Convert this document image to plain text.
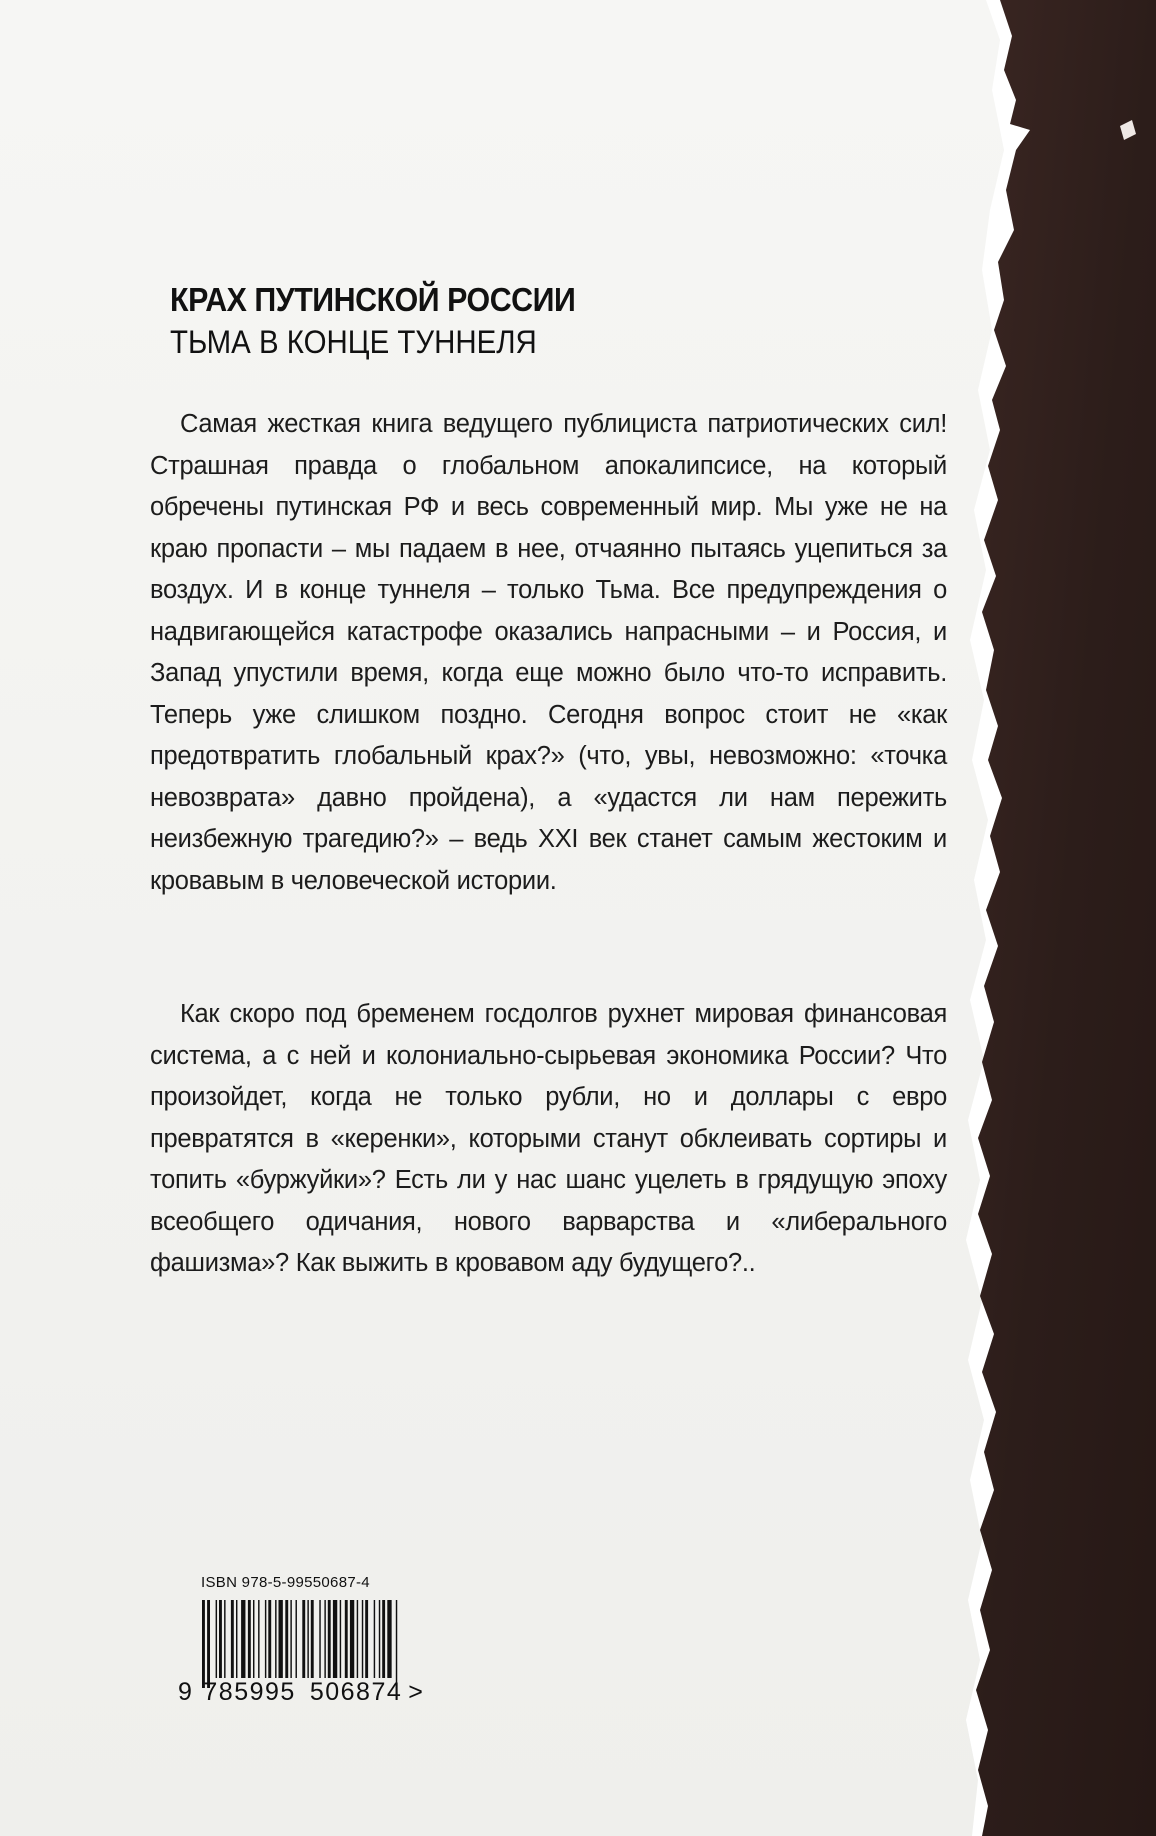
КРАХ ПУТИНСКОЙ РОССИИ
ТЬМА В КОНЦЕ ТУННЕЛЯ
Самая жесткая книга ведущего публициста патриотических сил! Страшная правда о глобальном апокалипсисе, на который обречены путинская РФ и весь современный мир. Мы уже не на краю пропасти – мы падаем в нее, отчаянно пытаясь уцепиться за воздух. И в конце туннеля – только Тьма. Все предупреждения о надвигающейся катастрофе оказались напрасными – и Россия, и Запад упустили время, когда еще можно было что-то исправить. Теперь уже слишком поздно. Сегодня вопрос стоит не «как предотвратить глобальный крах?» (что, увы, невозможно: «точка невозврата» давно пройдена), а «удастся ли нам пережить неизбежную трагедию?» – ведь XXI век станет самым жестоким и кровавым в человеческой истории.
Как скоро под бременем госдолгов рухнет мировая финансовая система, а с ней и колониально-сырьевая экономика России? Что произойдет, когда не только рубли, но и доллары с евро превратятся в «керенки», которыми станут обклеивать сортиры и топить «буржуйки»? Есть ли у нас шанс уцелеть в грядущую эпоху всеобщего одичания, нового варварства и «либерального фашизма»? Как выжить в кровавом аду будущего?..
ISBN 978-5-99550687-4
9 785995 506874 >
